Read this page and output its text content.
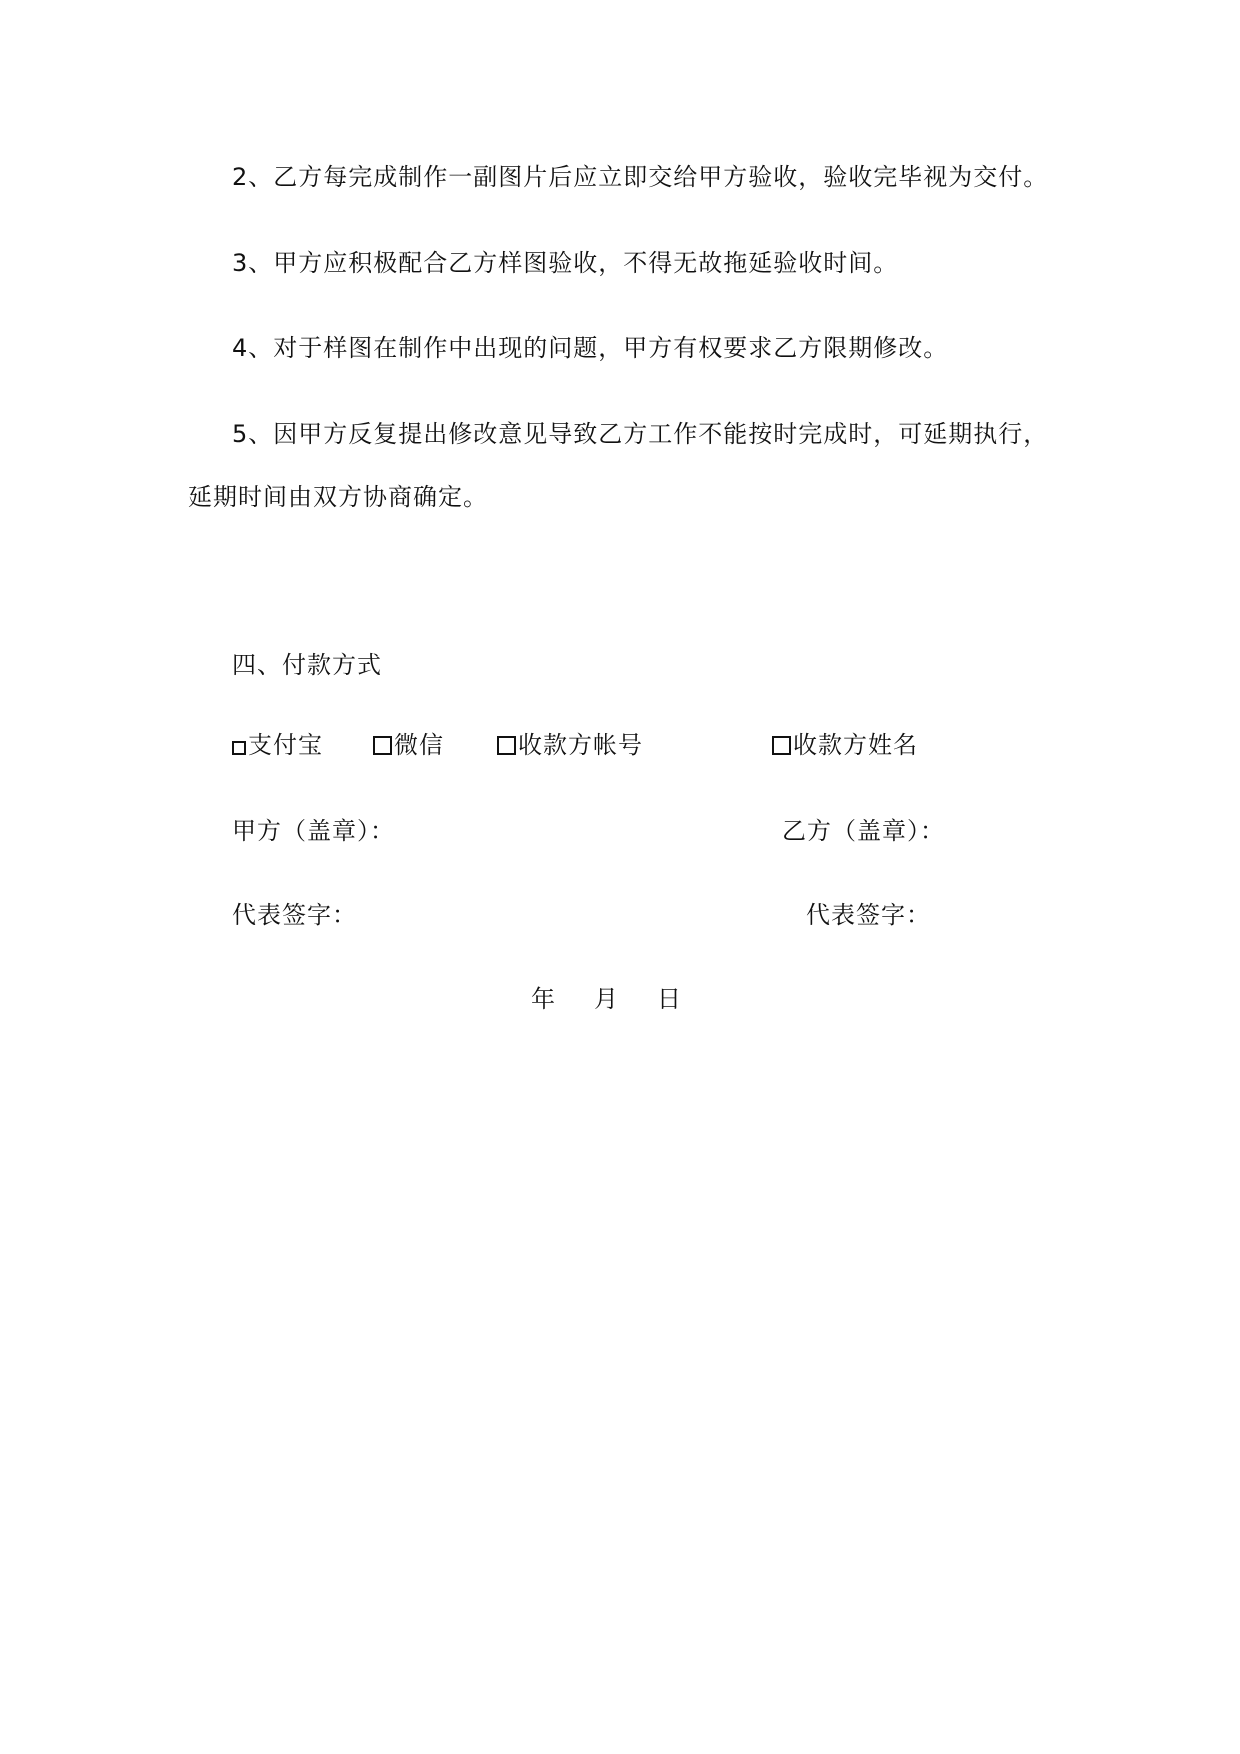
2、乙方每完成制作一副图片后应立即交给甲方验收，验收完毕视为交付。
3、甲方应积极配合乙方样图验收，不得无故拖延验收时间。
4、对于样图在制作中出现的问题，甲方有权要求乙方限期修改。
5、因甲方反复提出修改意见导致乙方工作不能按时完成时，可延期执行，
延期时间由双方协商确定。
四、付款方式
支付宝	微信	收款方帐号	收款方姓名
甲方（盖章）：	乙方（盖章）：
代表签字：	代表签字：
年 月 日
